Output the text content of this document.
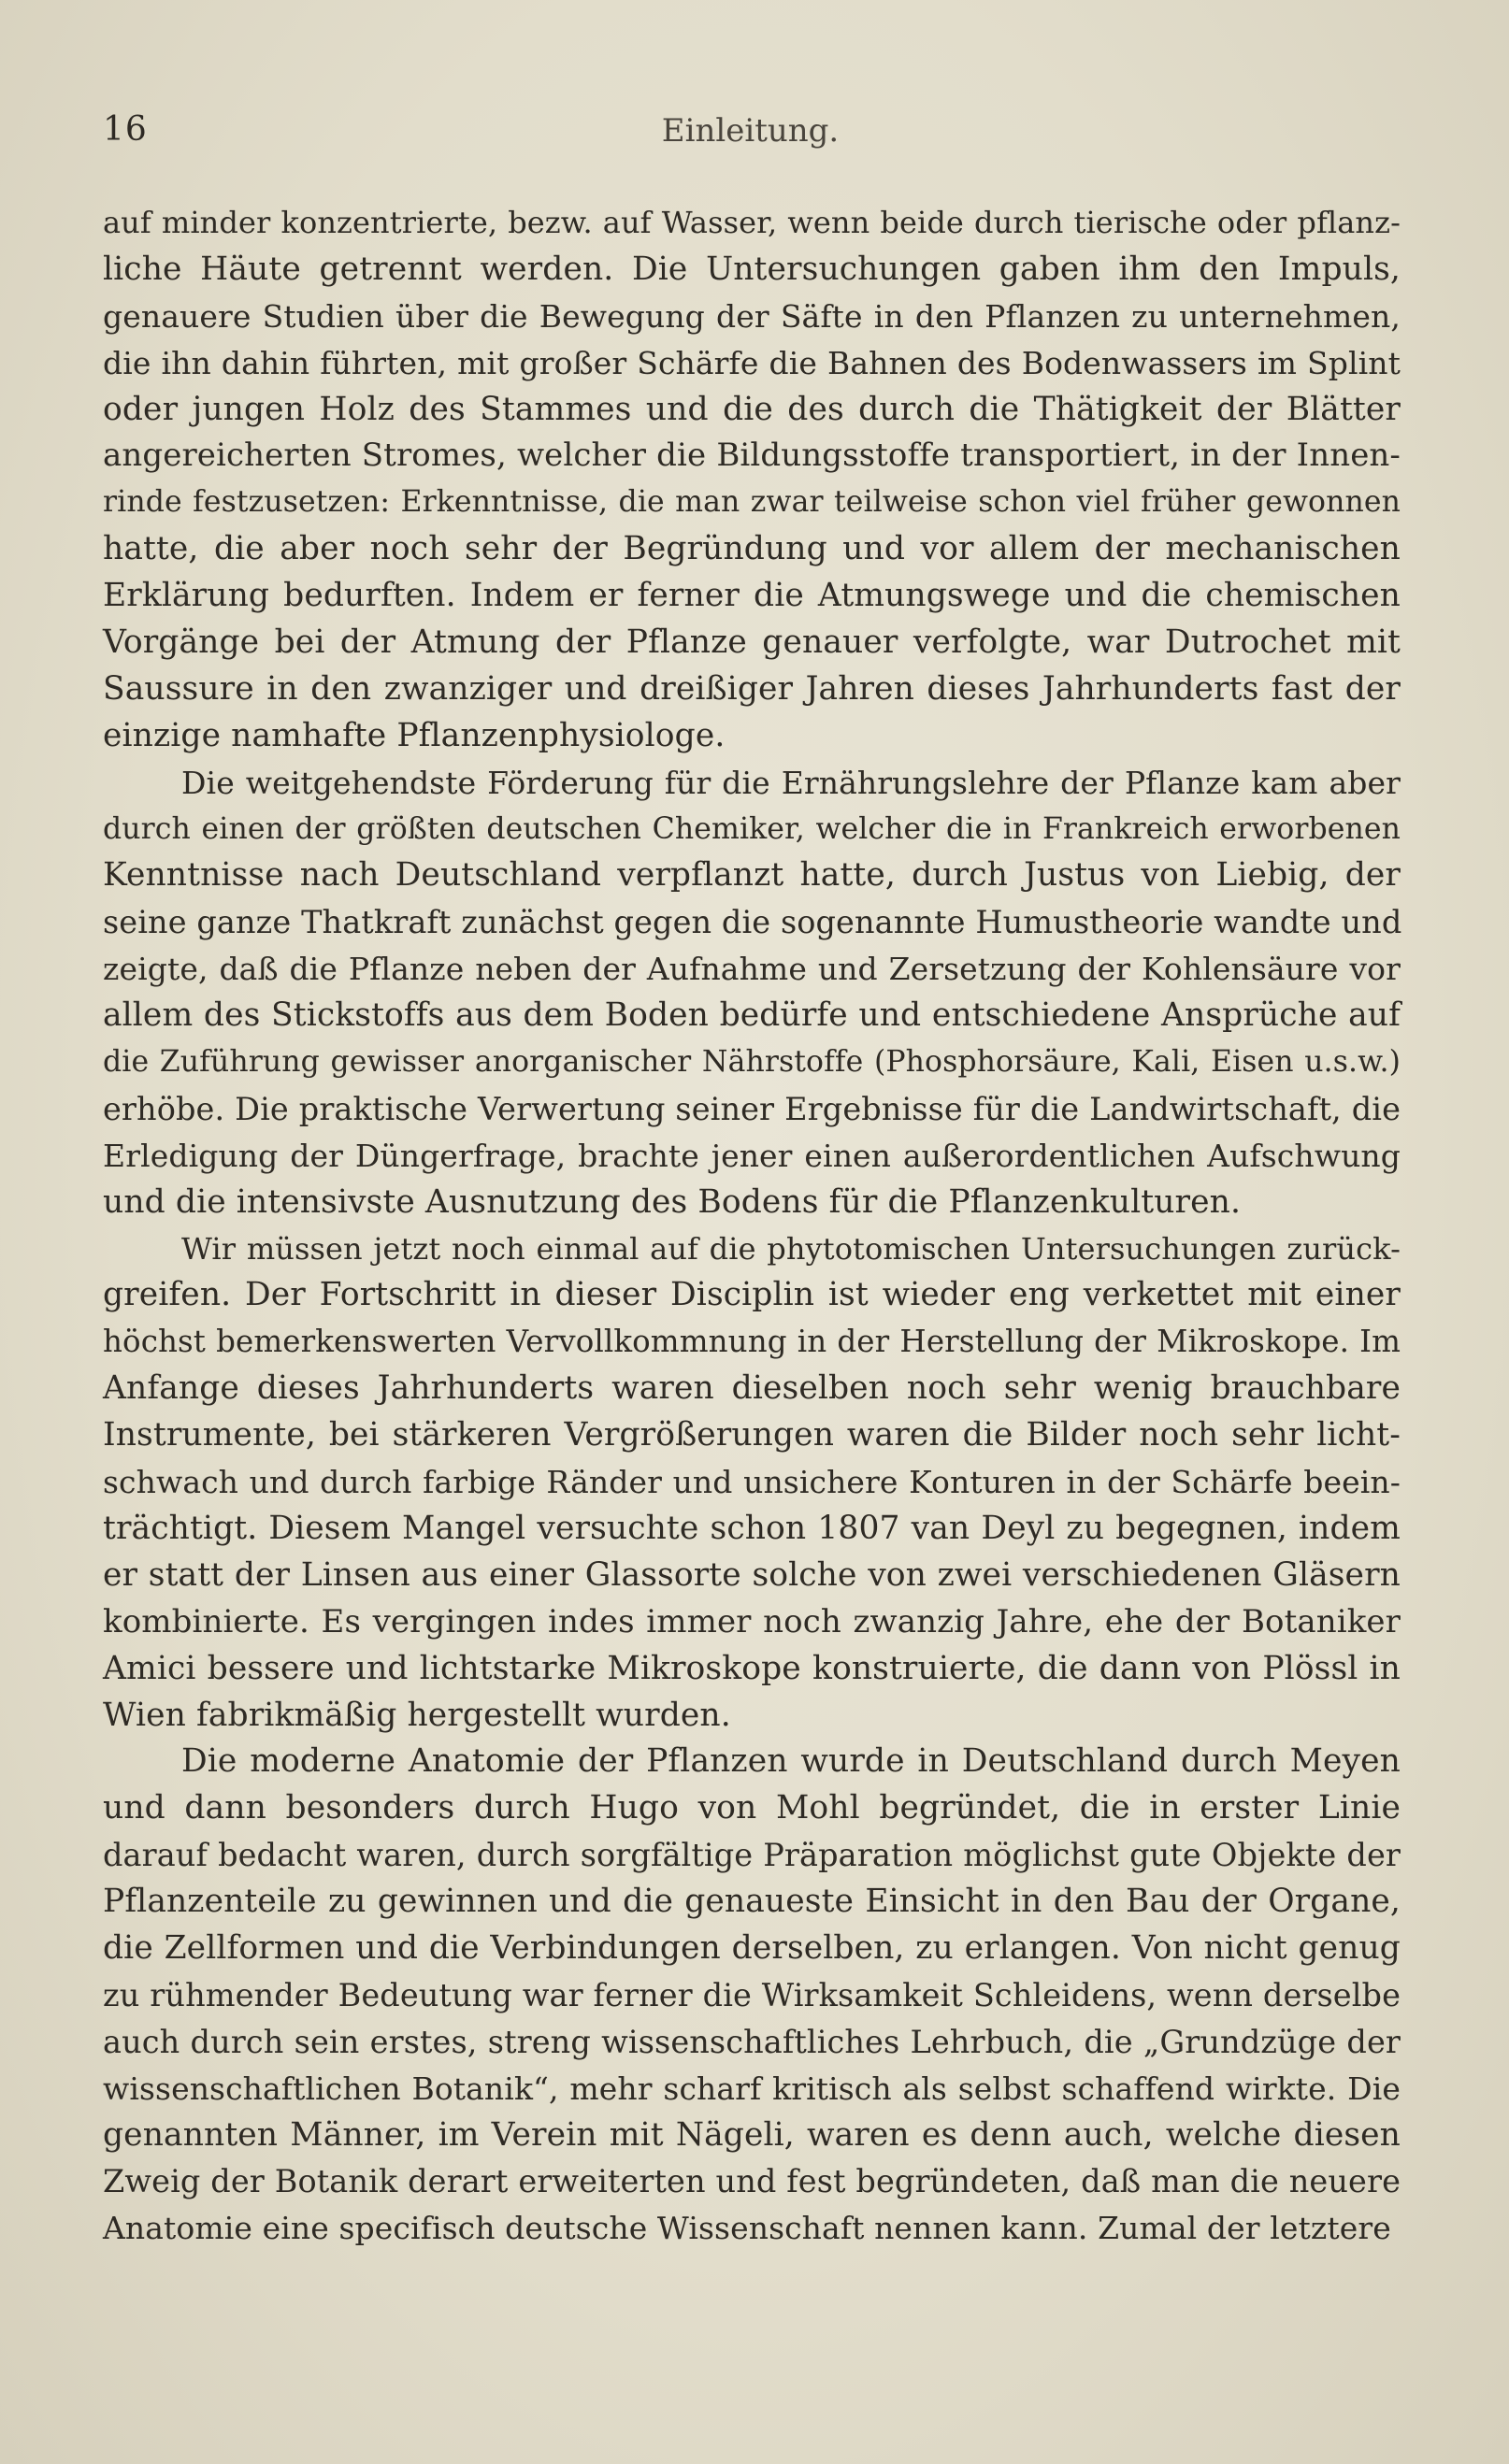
16	Einleitung.
auf minder konzentrierte, bezw. auf Wasser, wenn beide durch tierische oder pflanz-
liche Häute getrennt werden. Die Untersuchungen gaben ihm den Impuls,
genauere Studien über die Bewegung der Säfte in den Pflanzen zu unternehmen,
die ihn dahin führten, mit großer Schärfe die Bahnen des Bodenwassers im Splint
oder jungen Holz des Stammes und die des durch die Thätigkeit der Blätter
angereicherten Stromes, welcher die Bildungsstoffe transportiert, in der Innen-
rinde festzusetzen: Erkenntnisse, die man zwar teilweise schon viel früher gewonnen
hatte, die aber noch sehr der Begründung und vor allem der mechanischen
Erklärung bedurften. Indem er ferner die Atmungswege und die chemischen
Vorgänge bei der Atmung der Pflanze genauer verfolgte, war Dutrochet mit
Saussure in den zwanziger und dreißiger Jahren dieses Jahrhunderts fast der
einzige namhafte Pflanzenphysiologe.
Die weitgehendste Förderung für die Ernährungslehre der Pflanze kam aber
durch einen der größten deutschen Chemiker, welcher die in Frankreich erworbenen
Kenntnisse nach Deutschland verpflanzt hatte, durch Justus von Liebig, der
seine ganze Thatkraft zunächst gegen die sogenannte Humustheorie wandte und
zeigte, daß die Pflanze neben der Aufnahme und Zersetzung der Kohlensäure vor
allem des Stickstoffs aus dem Boden bedürfe und entschiedene Ansprüche auf
die Zuführung gewisser anorganischer Nährstoffe (Phosphorsäure, Kali, Eisen u.s.w.)
erhöbe. Die praktische Verwertung seiner Ergebnisse für die Landwirtschaft, die
Erledigung der Düngerfrage, brachte jener einen außerordentlichen Aufschwung
und die intensivste Ausnutzung des Bodens für die Pflanzenkulturen.
Wir müssen jetzt noch einmal auf die phytotomischen Untersuchungen zurück-
greifen. Der Fortschritt in dieser Disciplin ist wieder eng verkettet mit einer
höchst bemerkenswerten Vervollkommnung in der Herstellung der Mikroskope. Im
Anfange dieses Jahrhunderts waren dieselben noch sehr wenig brauchbare
Instrumente, bei stärkeren Vergrößerungen waren die Bilder noch sehr licht-
schwach und durch farbige Ränder und unsichere Konturen in der Schärfe beein-
trächtigt. Diesem Mangel versuchte schon 1807 van Deyl zu begegnen, indem
er statt der Linsen aus einer Glassorte solche von zwei verschiedenen Gläsern
kombinierte. Es vergingen indes immer noch zwanzig Jahre, ehe der Botaniker
Amici bessere und lichtstarke Mikroskope konstruierte, die dann von Plössl in
Wien fabrikmäßig hergestellt wurden.
Die moderne Anatomie der Pflanzen wurde in Deutschland durch Meyen
und dann besonders durch Hugo von Mohl begründet, die in erster Linie
darauf bedacht waren, durch sorgfältige Präparation möglichst gute Objekte der
Pflanzenteile zu gewinnen und die genaueste Einsicht in den Bau der Organe,
die Zellformen und die Verbindungen derselben, zu erlangen. Von nicht genug
zu rühmender Bedeutung war ferner die Wirksamkeit Schleidens, wenn derselbe
auch durch sein erstes, streng wissenschaftliches Lehrbuch, die „Grundzüge der
wissenschaftlichen Botanik“, mehr scharf kritisch als selbst schaffend wirkte. Die
genannten Männer, im Verein mit Nägeli, waren es denn auch, welche diesen
Zweig der Botanik derart erweiterten und fest begründeten, daß man die neuere
Anatomie eine specifisch deutsche Wissenschaft nennen kann. Zumal der letztere
